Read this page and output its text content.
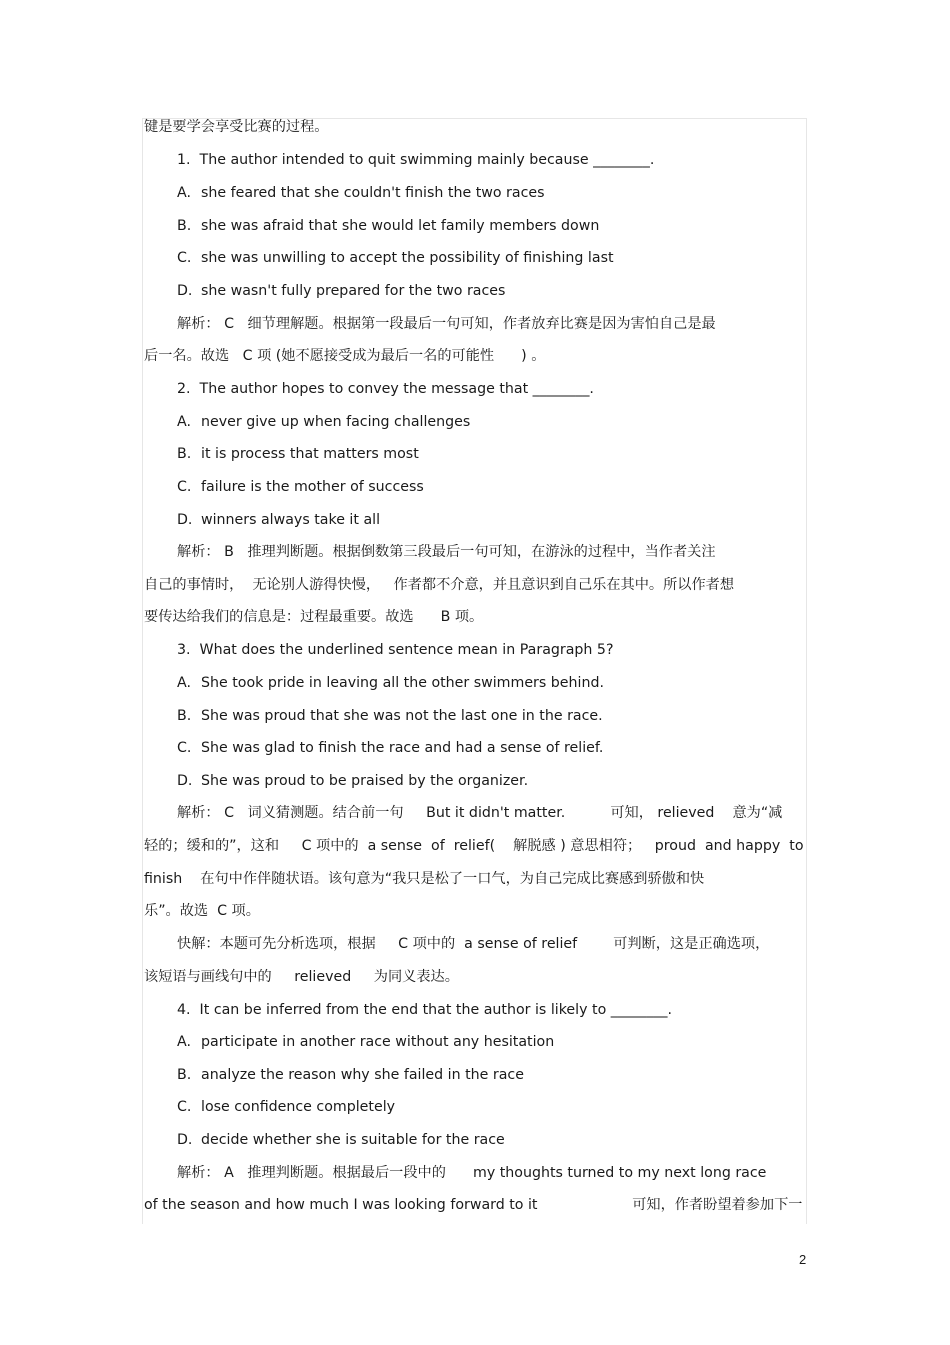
键是要学会享受比赛的过程。
1.  The author intended to quit swimming mainly because ________.
A. she feared that she couldn't finish the two races
B. she was afraid that she would let family members down
C. she was unwilling to accept the possibility of finishing last
D. she wasn't fully prepared for the two races
解析： C   细节理解题。根据第一段最后一句可知，作者放弃比赛是因为害怕自己是最
后一名。故选   C 项 (她不愿接受成为最后一名的可能性      ) 。
2.  The author hopes to convey the message that ________.
A. never give up when facing challenges
B. it is process that matters most
C. failure is the mother of success
D. winners always take it all
解析： B   推理判断题。根据倒数第三段最后一句可知，在游泳的过程中，当作者关注
自己的事情时，  无论别人游得快慢，   作者都不介意，并且意识到自己乐在其中。所以作者想
要传达给我们的信息是：过程最重要。故选      B 项。
3.  What does the underlined sentence mean in Paragraph 5?
A. She took pride in leaving all the other swimmers behind.
B. She was proud that she was not the last one in the race.
C. She was glad to finish the race and had a sense of relief.
D. She was proud to be praised by the organizer.
解析： C   词义猜测题。结合前一句     But it didn't matter.          可知， relieved    意为“减
轻的；缓和的”，这和     C 项中的  a sense  of  relief(    解脱感 ) 意思相符；   proud  and happy  to
finish    在句中作伴随状语。该句意为“我只是松了一口气，为自己完成比赛感到骄傲和快
乐”。故选  C 项。
快解：本题可先分析选项，根据     C 项中的  a sense of relief        可判断，这是正确选项，
该短语与画线句中的     relieved     为同义表达。
4.  It can be inferred from the end that the author is likely to ________.
A. participate in another race without any hesitation
B. analyze the reason why she failed in the race
C. lose confidence completely
D. decide whether she is suitable for the race
解析： A   推理判断题。根据最后一段中的      my thoughts turned to my next long race
of the season and how much I was looking forward to it                     可知，作者盼望着参加下一
2
